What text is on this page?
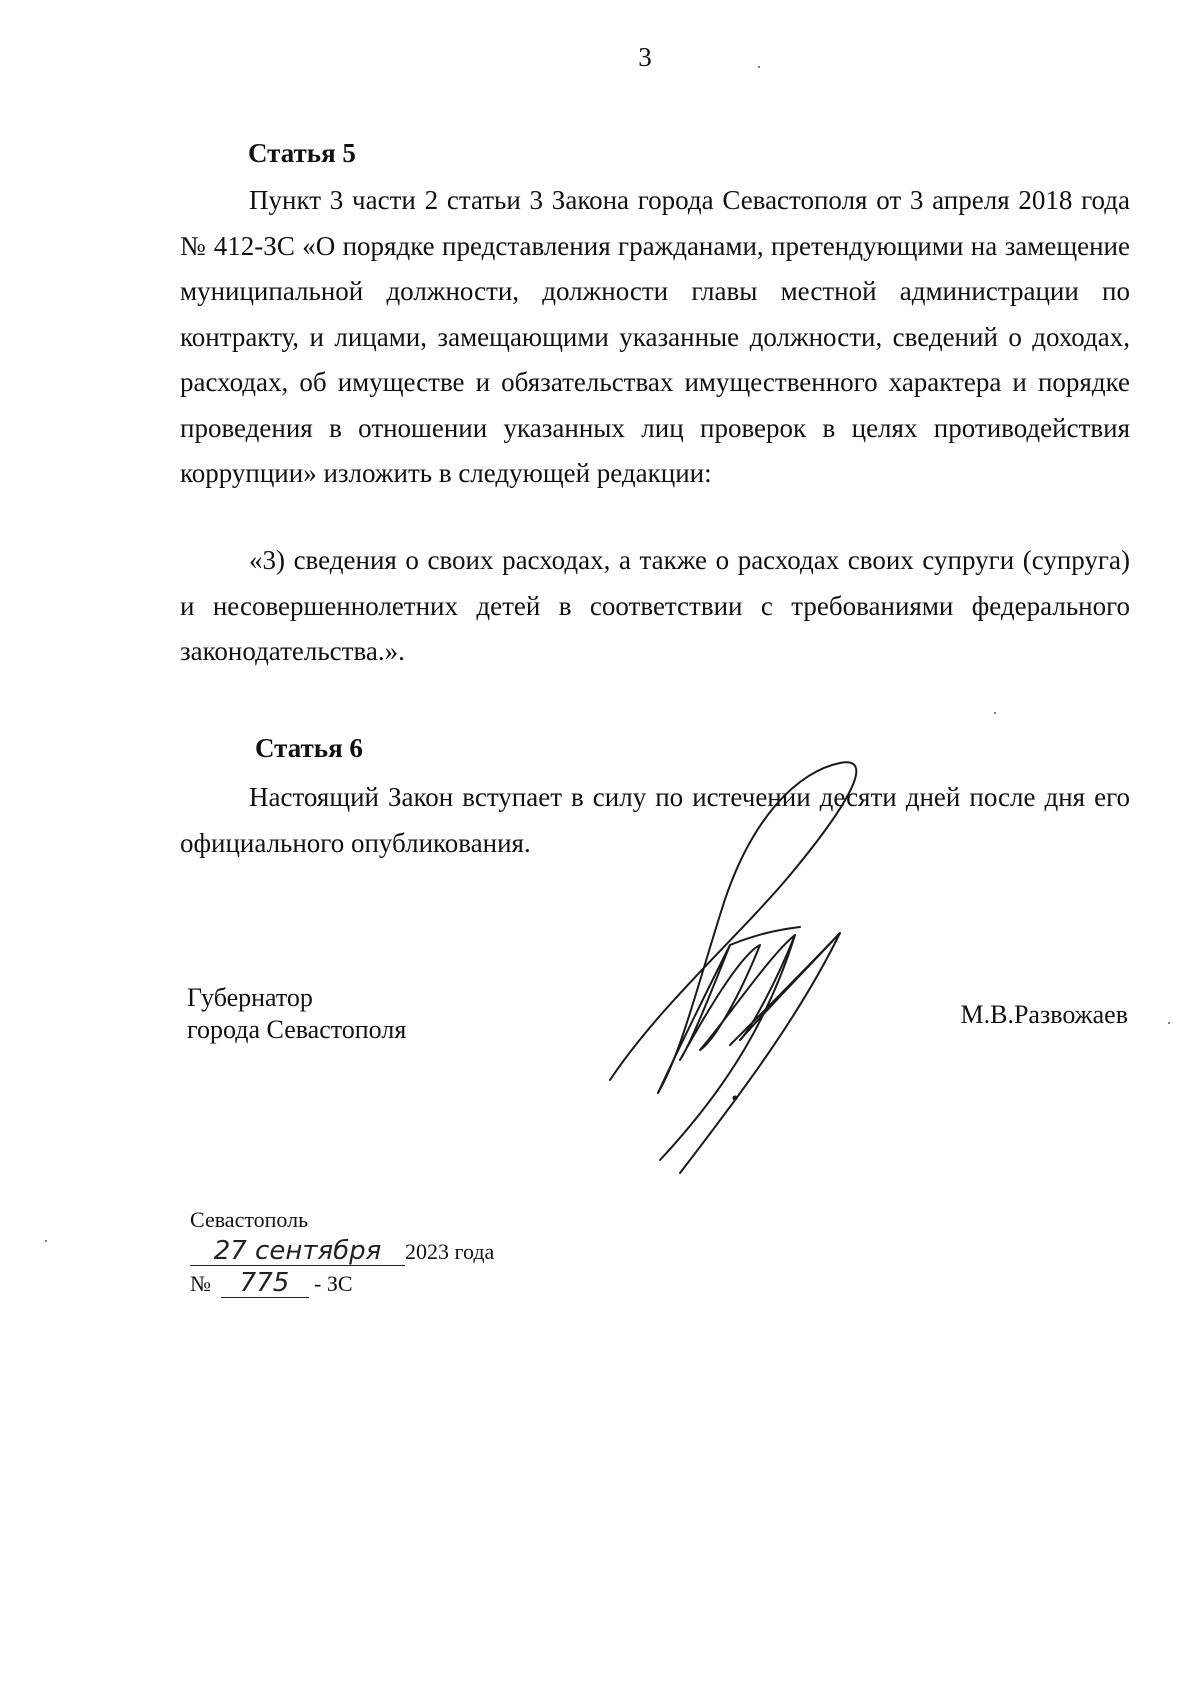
3
Статья 5

Пункт 3 части 2 статьи 3 Закона города Севастополя от 3 апреля 2018 года № 412-ЗС «О порядке представления гражданами, претендующими на замещение муниципальной должности, должности главы местной администрации по контракту, и лицами, замещающими указанные должности, сведений о доходах, расходах, об имуществе и обязательствах имущественного характера и порядке проведения в отношении указанных лиц проверок в целях противодействия коррупции» изложить в следующей редакции:

«3) сведения о своих расходах, а также о расходах своих супруги (супруга) и несовершеннолетних детей в соответствии с требованиями федерального законодательства.».

Статья 6

Настоящий Закон вступает в силу по истечении десяти дней после дня его официального опубликования.

Губернатор
города Севастополя
М.В.Развожаев
Севастополь
27 сентября 2023 года
№ 775 - ЗС
